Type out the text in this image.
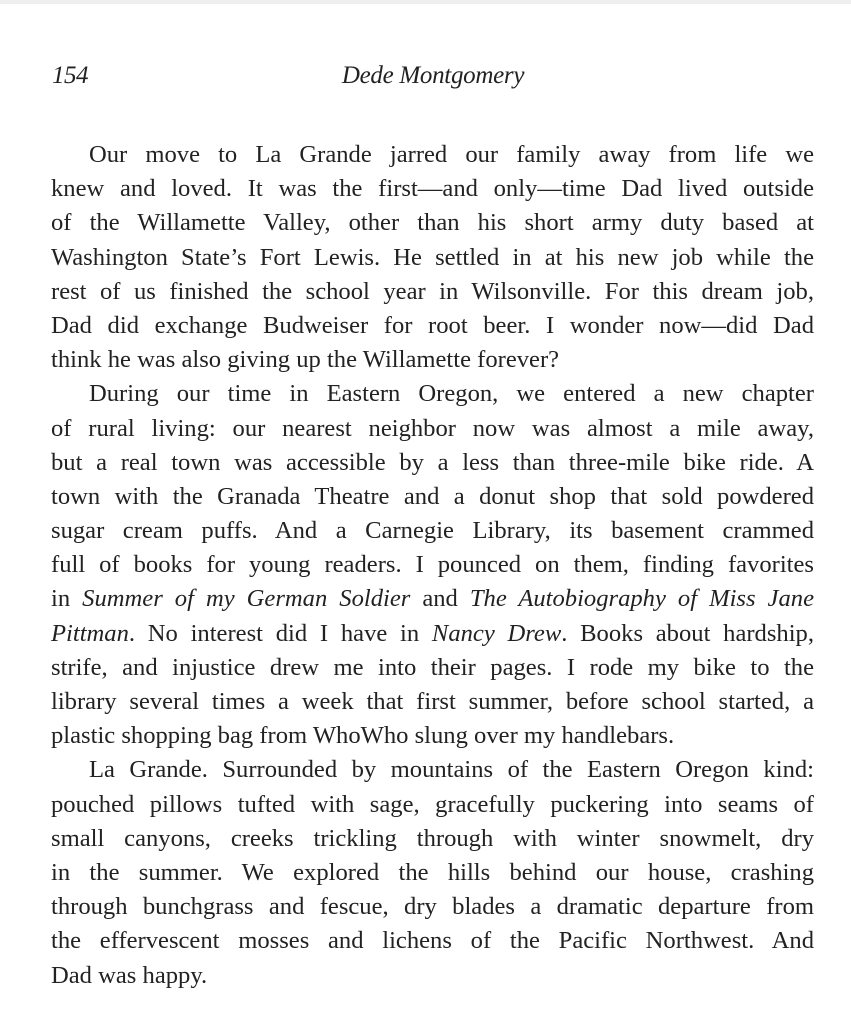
154	Dede Montgomery
Our move to La Grande jarred our family away from life we
knew and loved. It was the first—and only—time Dad lived outside
of the Willamette Valley, other than his short army duty based at
Washington State’s Fort Lewis. He settled in at his new job while the
rest of us finished the school year in Wilsonville. For this dream job,
Dad did exchange Budweiser for root beer. I wonder now—did Dad
think he was also giving up the Willamette forever?
During our time in Eastern Oregon, we entered a new chapter
of rural living: our nearest neighbor now was almost a mile away,
but a real town was accessible by a less than three-mile bike ride. A
town with the Granada Theatre and a donut shop that sold powdered
sugar cream puffs. And a Carnegie Library, its basement crammed
full of books for young readers. I pounced on them, finding favorites
in Summer of my German Soldier and The Autobiography of Miss Jane
Pittman. No interest did I have in Nancy Drew. Books about hardship,
strife, and injustice drew me into their pages. I rode my bike to the
library several times a week that first summer, before school started, a
plastic shopping bag from WhoWho slung over my handlebars.
La Grande. Surrounded by mountains of the Eastern Oregon kind:
pouched pillows tufted with sage, gracefully puckering into seams of
small canyons, creeks trickling through with winter snowmelt, dry
in the summer. We explored the hills behind our house, crashing
through bunchgrass and fescue, dry blades a dramatic departure from
the effervescent mosses and lichens of the Pacific Northwest. And
Dad was happy.
